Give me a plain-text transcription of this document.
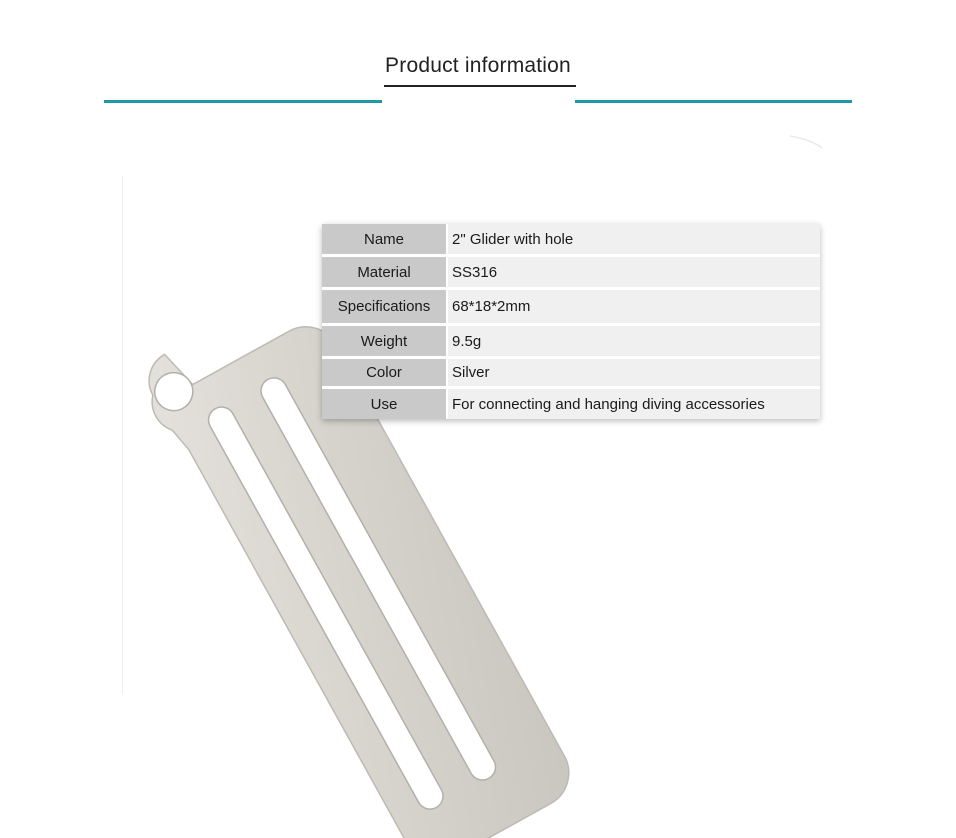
Product information
Name	2" Glider with hole
Material	SS316
Specifications	68*18*2mm
Weight	9.5g
Color	Silver
Use	For connecting and hanging diving accessories
